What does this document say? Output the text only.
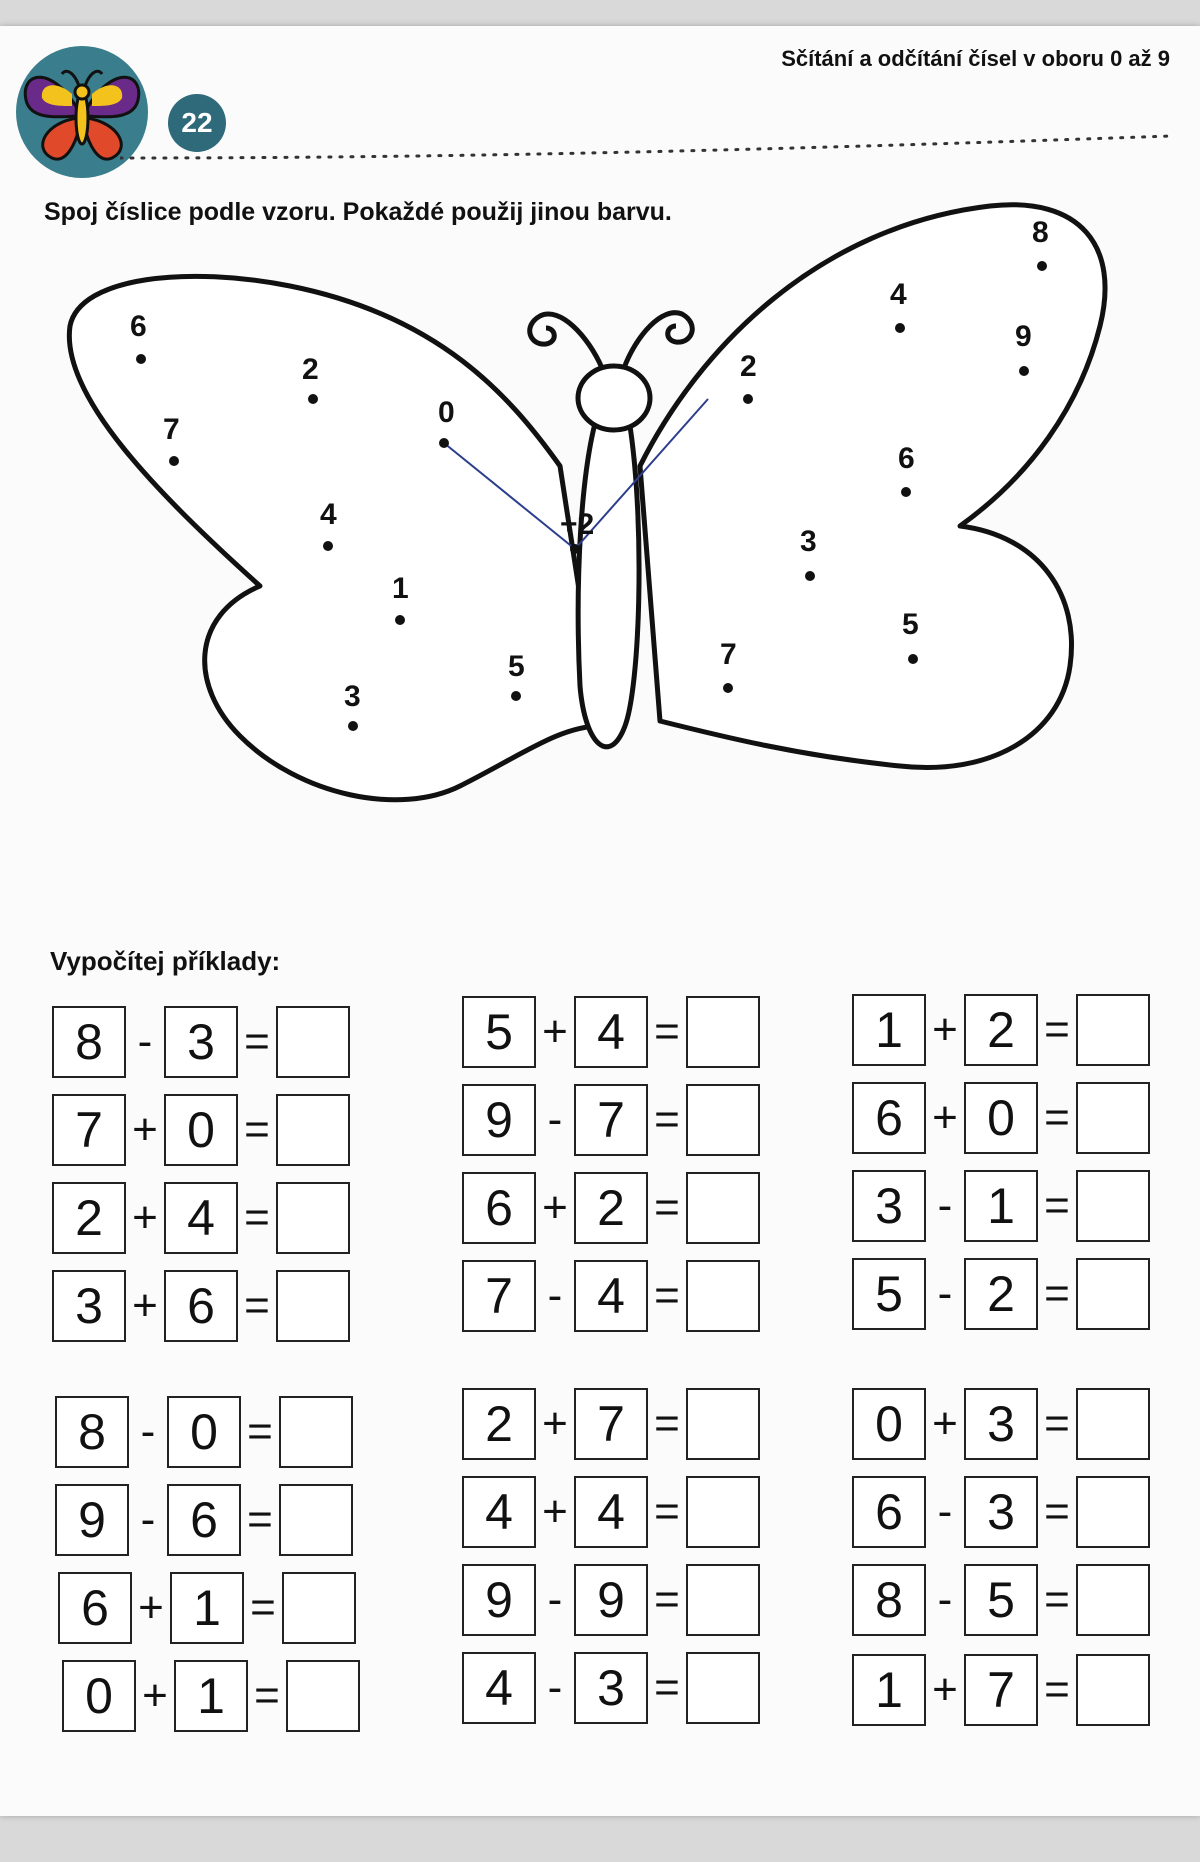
22
Sčítání a odčítání čísel v oboru 0 až 9
Spoj číslice podle vzoru. Pokaždé použij jinou barvu.
+2
6
2
7
0
4
1
5
3
8
4
9
2
6
3
5
7
Vypočítej příklady:
8 - 3 =
7 + 0 =
2 + 4 =
3 + 6 =
8 - 0 =
9 - 6 =
6 + 1 =
0 + 1 =
5 + 4 =
9 - 7 =
6 + 2 =
7 - 4 =
2 + 7 =
4 + 4 =
9 - 9 =
4 - 3 =
1 + 2 =
6 + 0 =
3 - 1 =
5 - 2 =
0 + 3 =
6 - 3 =
8 - 5 =
1 + 7 =
